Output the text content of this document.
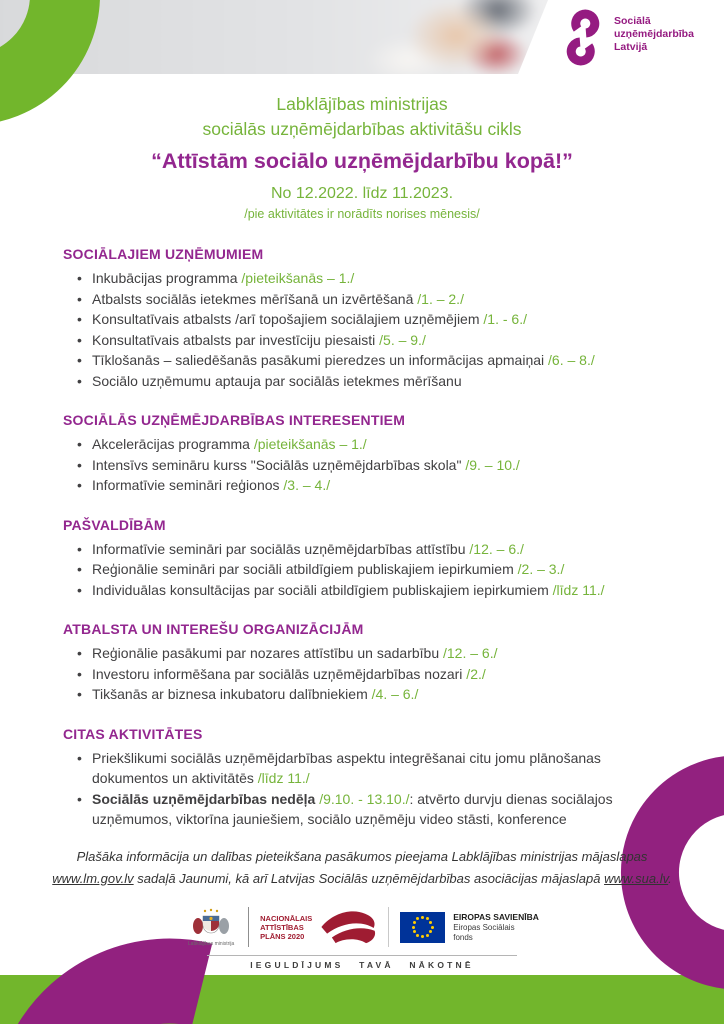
Sociālā
uzņēmējdarbība
Latvijā
Labklājības ministrijas
sociālās uzņēmējdarbības aktivitāšu cikls
“Attīstām sociālo uzņēmējdarbību kopā!”
No 12.2022. līdz 11.2023.
/pie aktivitātes ir norādīts norises mēnesis/
SOCIĀLAJIEM UZŅĒMUMIEM
• Inkubācijas programma /pieteikšanās – 1./
• Atbalsts sociālās ietekmes mērīšanā un izvērtēšanā /1. – 2./
• Konsultatīvais atbalsts /arī topošajiem sociālajiem uzņēmējiem /1. - 6./
• Konsultatīvais atbalsts par investīciju piesaisti /5. – 9./
• Tīklošanās – saliedēšanās pasākumi pieredzes un informācijas apmaiņai /6. – 8./
• Sociālo uzņēmumu aptauja par sociālās ietekmes mērīšanu
SOCIĀLĀS UZŅĒMĒJDARBĪBAS INTERESENTIEM
• Akcelerācijas programma /pieteikšanās – 1./
• Intensīvs semināru kurss "Sociālās uzņēmējdarbības skola" /9. – 10./
• Informatīvie semināri reģionos /3. – 4./
PAŠVALDĪBĀM
• Informatīvie semināri par sociālās uzņēmējdarbības attīstību /12. – 6./
• Reģionālie semināri par sociāli atbildīgiem publiskajiem iepirkumiem /2. – 3./
• Individuālas konsultācijas par sociāli atbildīgiem publiskajiem iepirkumiem /līdz 11./
ATBALSTA UN INTEREŠU ORGANIZĀCIJĀM
• Reģionālie pasākumi par nozares attīstību un sadarbību /12. – 6./
• Investoru informēšana par sociālās uzņēmējdarbības nozari /2./
• Tikšanās ar biznesa inkubatoru dalībniekiem /4. – 6./
CITAS AKTIVITĀTES
• Priekšlikumi sociālās uzņēmējdarbības aspektu integrēšanai citu jomu plānošanas dokumentos un aktivitātēs /līdz 11./
• Sociālās uzņēmējdarbības nedēļa /9.10. - 13.10./: atvērto durvju dienas sociālajos uzņēmumos, viktorīna jauniešiem, sociālo uzņēmēju video stāsti, konference

Plašāka informācija un dalības pieteikšana pasākumos pieejama Labklājības ministrijas mājaslapas www.lm.gov.lv sadaļā Jaunumi, kā arī Latvijas Sociālās uzņēmējdarbības asociācijas mājaslapā www.sua.lv.

Labklājības ministrija
NACIONĀLAIS
ATTĪSTĪBAS
PLĀNS 2020
EIROPAS SAVIENĪBA
Eiropas Sociālais
fonds
IEGULDĪJUMS TAVĀ NĀKOTNĒ
